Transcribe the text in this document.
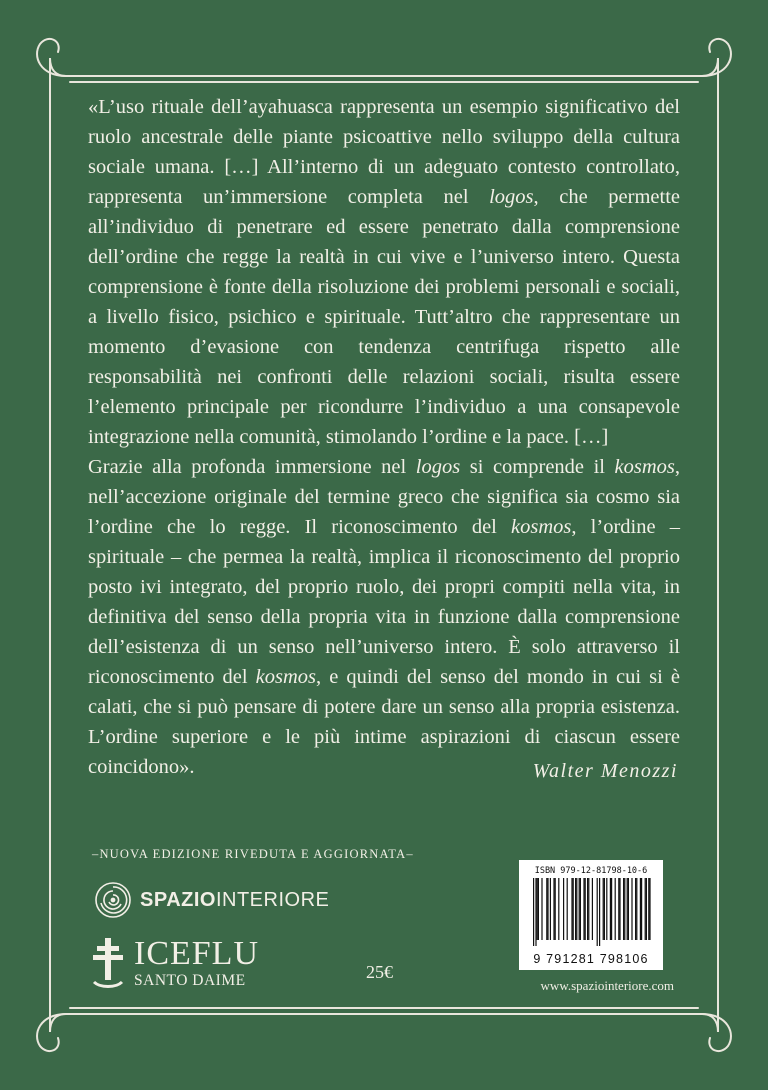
«L’uso rituale dell’ayahuasca rappresenta un esempio significativo del ruolo ancestrale delle piante psicoattive nello sviluppo della cultura sociale umana. […] All’interno di un adeguato contesto controllato, rappresenta un’immersione completa nel logos, che permette all’individuo di penetrare ed essere penetrato dalla comprensione dell’ordine che regge la realtà in cui vive e l’universo intero. Questa comprensione è fonte della risoluzione dei problemi personali e sociali, a livello fisico, psichico e spirituale. Tutt’altro che rappresentare un momento d’evasione con tendenza centrifuga rispetto alle responsabilità nei confronti delle relazioni sociali, risulta essere l’elemento principale per ricondurre l’individuo a una consapevole integrazione nella comunità, stimolando l’ordine e la pace. […]

Grazie alla profonda immersione nel logos si comprende il kosmos, nell’accezione originale del termine greco che significa sia cosmo sia l’ordine che lo regge. Il riconoscimento del kosmos, l’ordine – spirituale – che permea la realtà, implica il riconoscimento del proprio posto ivi integrato, del proprio ruolo, dei propri compiti nella vita, in definitiva del senso della propria vita in funzione dalla comprensione dell’esistenza di un senso nell’universo intero. È solo attraverso il riconoscimento del kosmos, e quindi del senso del mondo in cui si è calati, che si può pensare di potere dare un senso alla propria esistenza. L’ordine superiore e le più intime aspirazioni di ciascun essere coincidono».	Walter Menozzi
–NUOVA EDIZIONE RIVEDUTA E AGGIORNATA–
SPAZIOINTERIORE
ICEFLU
SANTO DAIME	25€
ISBN 979-12-81798-10-6
9 791281 798106
www.spaziointeriore.com
